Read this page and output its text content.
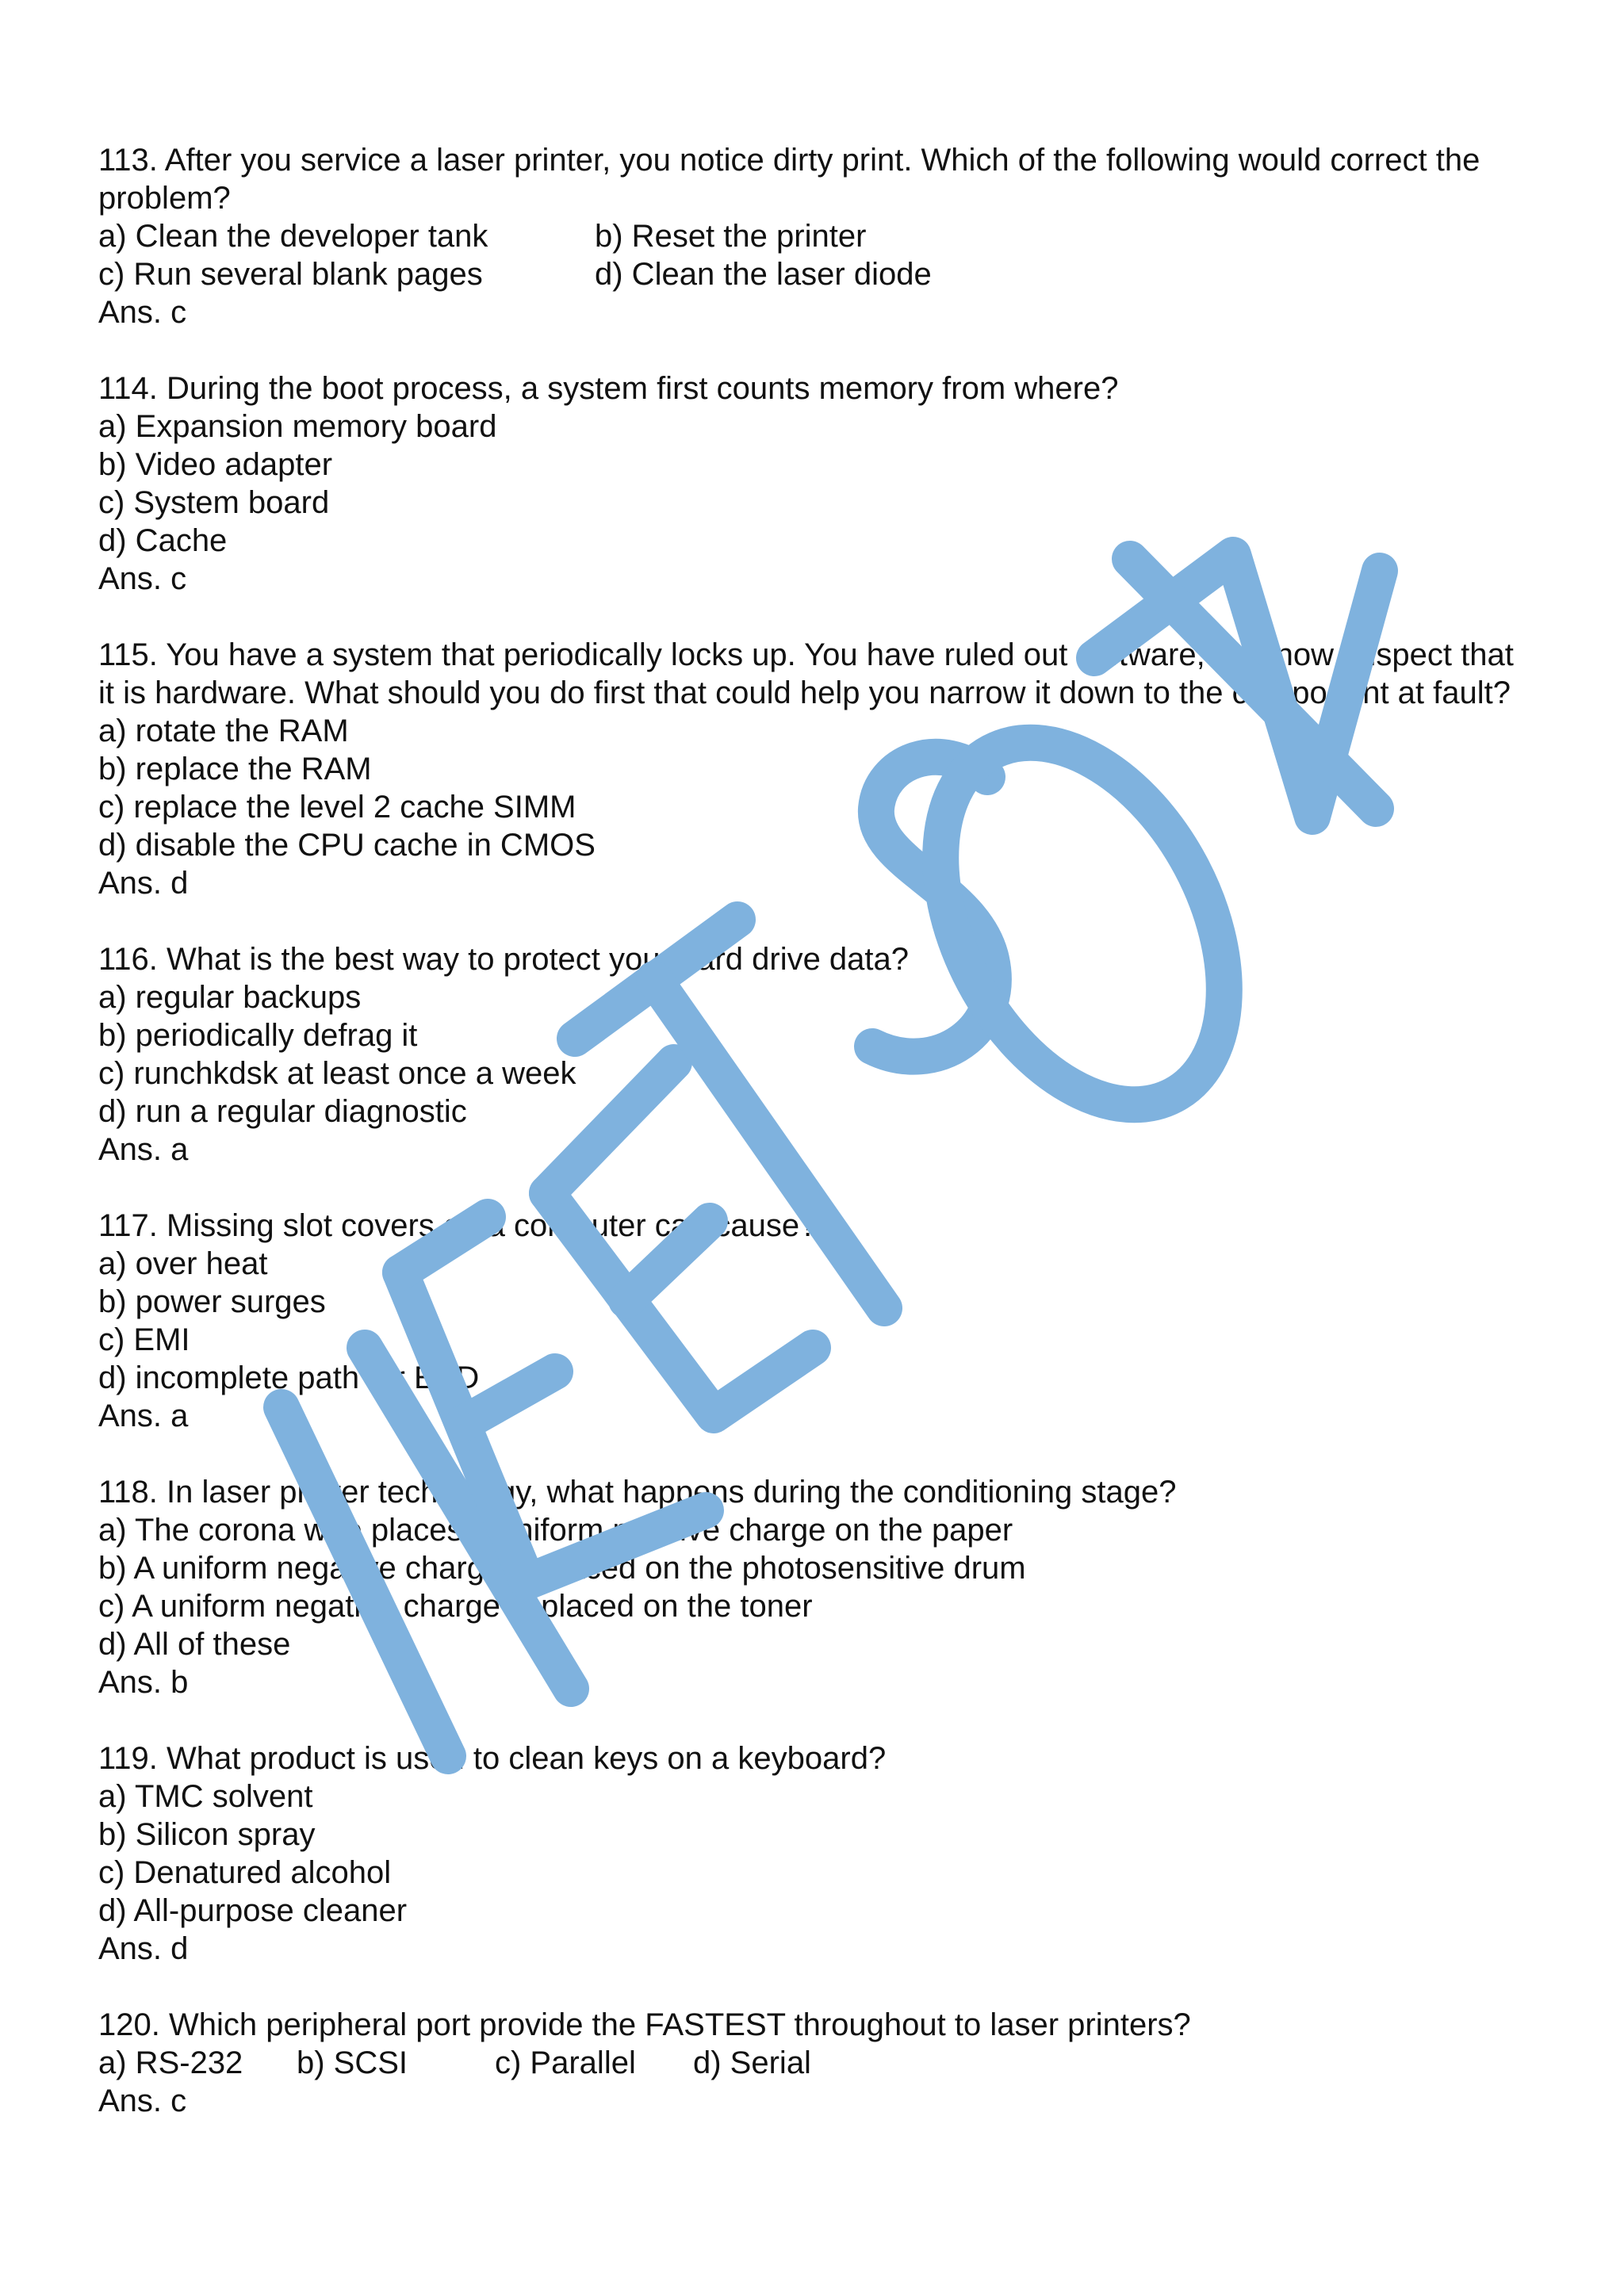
113. After you service a laser printer, you notice dirty print. Which of the following would correct the problem?
a) Clean the developer tank	b) Reset the printer
c) Run several blank pages	d) Clean the laser diode
Ans. c
114. During the boot process, a system first counts memory from where?
a) Expansion memory board
b) Video adapter
c) System board
d) Cache
Ans. c
115. You have a system that periodically locks up. You have ruled out software, and now suspect that it is hardware. What should you do first that could help you narrow it down to the component at fault?
a) rotate the RAM
b) replace the RAM
c) replace the level 2 cache SIMM
d) disable the CPU cache in CMOS
Ans. d
116. What is the best way to protect your hard drive data?
a) regular backups
b) periodically defrag it
c) runchkdsk at least once a week
d) run a regular diagnostic
Ans. a
117. Missing slot covers on a computer can cause?
a) over heat
b) power surges
c) EMI
d) incomplete path for ESD
Ans. a
118. In laser printer technology, what happens during the conditioning stage?
a) The corona wire places a uniform positive charge on the paper
b) A uniform negative charge is placed on the photosensitive drum
c) A uniform negative charge is placed on the toner
d) All of these
Ans. b
119. What product is used to clean keys on a keyboard?
a) TMC solvent
b) Silicon spray
c) Denatured alcohol
d) All-purpose cleaner
Ans. d
120. Which peripheral port provide the FASTEST throughout to laser printers?
a) RS-232	b) SCSI	c) Parallel	d) Serial
Ans. c
